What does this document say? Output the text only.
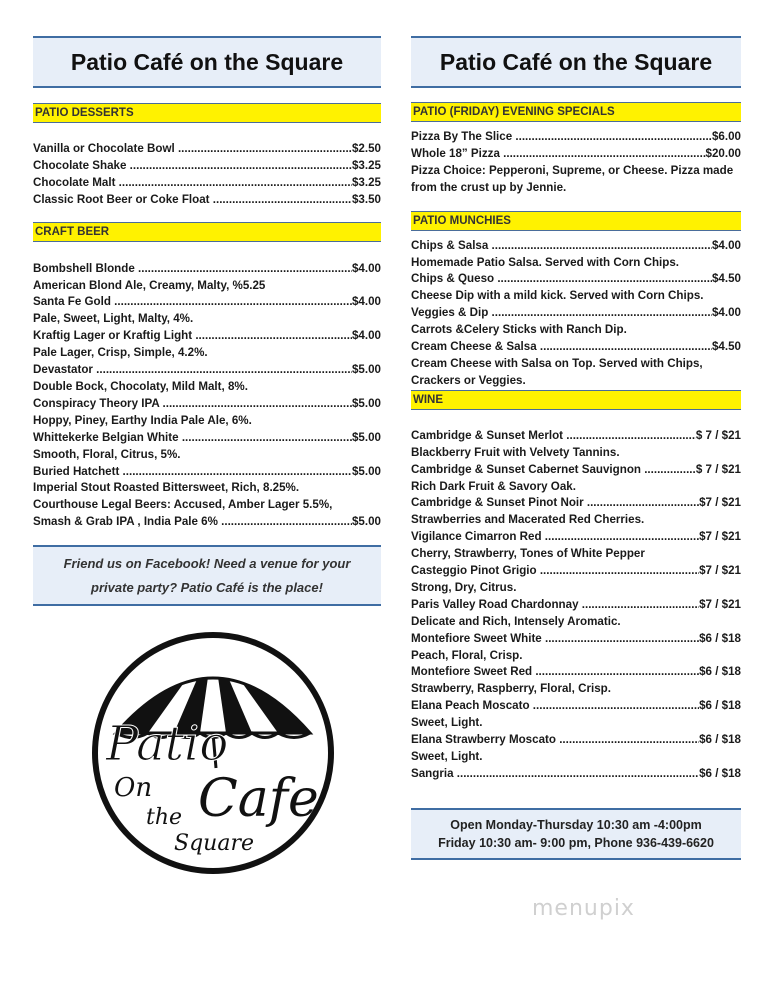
Patio Café on the Square
PATIO DESSERTS
Vanilla or Chocolate Bowl .....	$2.50
Chocolate Shake .....	$3.25
Chocolate Malt .....	$3.25
Classic Root Beer or Coke Float .....	$3.50
CRAFT BEER
Bombshell Blonde .....	$4.00
American Blond Ale, Creamy, Malty, %5.25
Santa Fe Gold .....	$4.00
Pale, Sweet, Light, Malty, 4%.
Kraftig Lager or Kraftig Light .....	$4.00
Pale Lager, Crisp, Simple, 4.2%.
Devastator .....	$5.00
Double Bock, Chocolaty, Mild Malt, 8%.
Conspiracy Theory IPA .....	$5.00
Hoppy, Piney, Earthy India Pale Ale, 6%.
Whittekerke Belgian White .....	$5.00
Smooth, Floral, Citrus, 5%.
Buried Hatchett .....	$5.00
Imperial Stout Roasted Bittersweet, Rich, 8.25%.
Courthouse Legal Beers: Accused, Amber Lager 5.5%,
Smash & Grab IPA , India Pale 6% .....	$5.00
Friend us on Facebook! Need a venue for your
private party? Patio Café is the place!
Patio
On
the Cafe
Square
Patio Café on the Square
PATIO (FRIDAY) EVENING SPECIALS
Pizza By The Slice .....	$6.00
Whole 18” Pizza .....	$20.00
Pizza Choice: Pepperoni, Supreme, or Cheese. Pizza made from the crust up by Jennie.
PATIO MUNCHIES
Chips & Salsa .....	$4.00
Homemade Patio Salsa. Served with Corn Chips.
Chips & Queso .....	$4.50
Cheese Dip with a mild kick. Served with Corn Chips.
Veggies & Dip .....	$4.00
Carrots &Celery Sticks with Ranch Dip.
Cream Cheese & Salsa .....	$4.50
Cream Cheese with Salsa on Top. Served with Chips, Crackers or Veggies.
WINE
Cambridge & Sunset Merlot .....	$ 7 / $21
Blackberry Fruit with Velvety Tannins.
Cambridge & Sunset Cabernet Sauvignon .....	$ 7 / $21
Rich Dark Fruit & Savory Oak.
Cambridge & Sunset Pinot Noir .....	$7 / $21
Strawberries and Macerated Red Cherries.
Vigilance Cimarron Red .....	$7 / $21
Cherry, Strawberry, Tones of White Pepper
Casteggio Pinot Grigio .....	$7 / $21
Strong, Dry, Citrus.
Paris Valley Road Chardonnay .....	$7 / $21
Delicate and Rich, Intensely Aromatic.
Montefiore Sweet White .....	$6 / $18
Peach, Floral, Crisp.
Montefiore Sweet Red .....	$6 / $18
Strawberry, Raspberry, Floral, Crisp.
Elana Peach Moscato .....	$6 / $18
Sweet, Light.
Elana Strawberry Moscato .....	$6 / $18
Sweet, Light.
Sangria .....	$6 / $18
Open Monday-Thursday 10:30 am -4:00pm
Friday 10:30 am- 9:00 pm, Phone 936-439-6620
menupix
